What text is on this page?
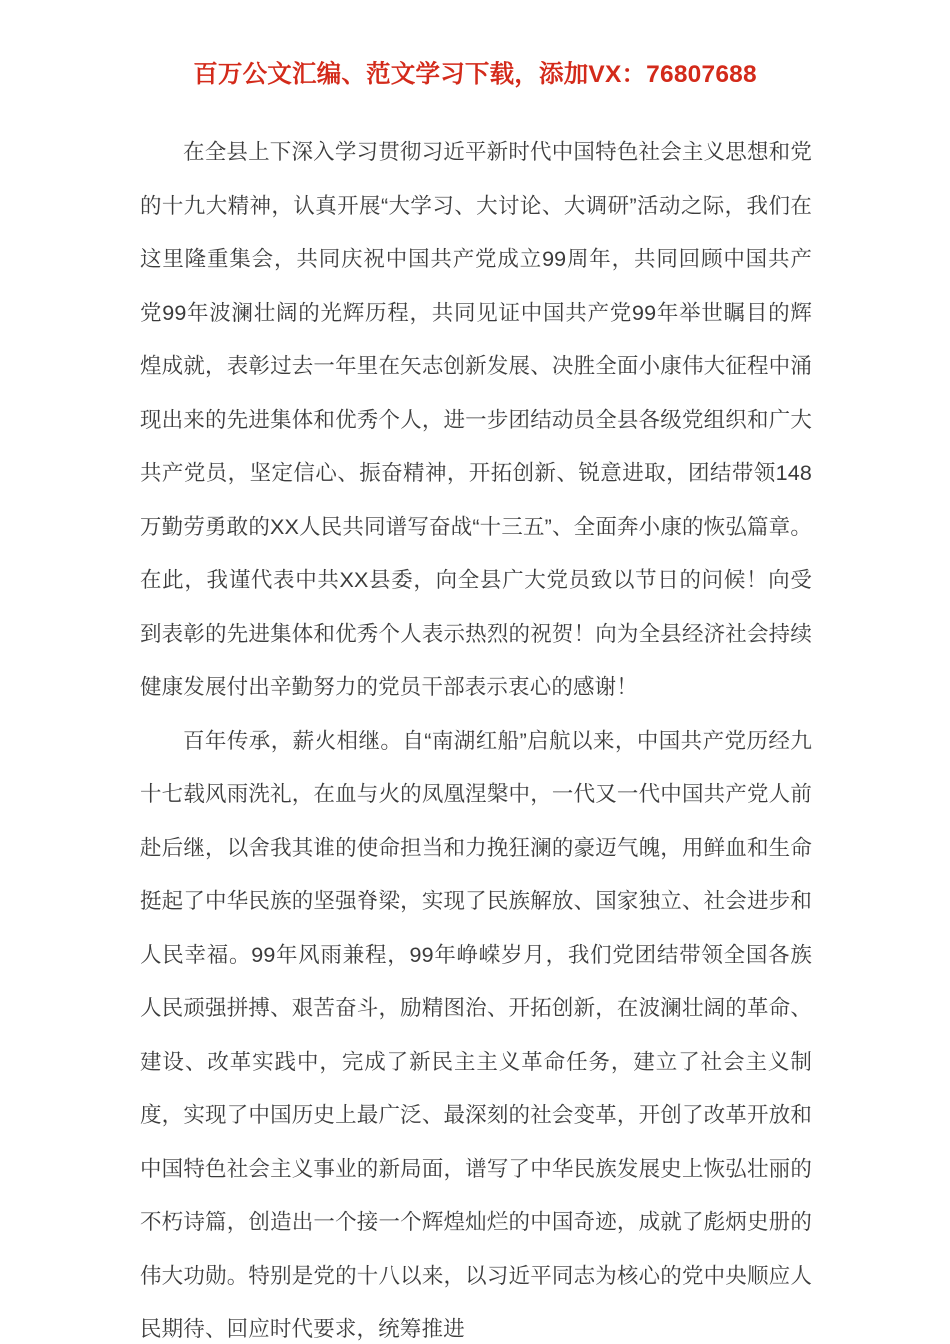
百万公文汇编、范文学习下载，添加VX：76807688

在全县上下深入学习贯彻习近平新时代中国特色社会主义思想和党的十九大精神，认真开展“大学习、大讨论、大调研”活动之际，我们在这里隆重集会，共同庆祝中国共产党成立99周年，共同回顾中国共产党99年波澜壮阔的光辉历程，共同见证中国共产党99年举世瞩目的辉煌成就，表彰过去一年里在矢志创新发展、决胜全面小康伟大征程中涌现出来的先进集体和优秀个人，进一步团结动员全县各级党组织和广大共产党员，坚定信心、振奋精神，开拓创新、锐意进取，团结带领148万勤劳勇敢的XX人民共同谱写奋战“十三五”、全面奔小康的恢弘篇章。在此，我谨代表中共XX县委，向全县广大党员致以节日的问候！向受到表彰的先进集体和优秀个人表示热烈的祝贺！向为全县经济社会持续健康发展付出辛勤努力的党员干部表示衷心的感谢！

百年传承，薪火相继。自“南湖红船”启航以来，中国共产党历经九十七载风雨洗礼，在血与火的凤凰涅槃中，一代又一代中国共产党人前赴后继，以舍我其谁的使命担当和力挽狂澜的豪迈气魄，用鲜血和生命挺起了中华民族的坚强脊梁，实现了民族解放、国家独立、社会进步和人民幸福。99年风雨兼程，99年峥嵘岁月，我们党团结带领全国各族人民顽强拼搏、艰苦奋斗，励精图治、开拓创新，在波澜壮阔的革命、建设、改革实践中，完成了新民主主义革命任务，建立了社会主义制度，实现了中国历史上最广泛、最深刻的社会变革，开创了改革开放和中国特色社会主义事业的新局面，谱写了中华民族发展史上恢弘壮丽的不朽诗篇，创造出一个接一个辉煌灿烂的中国奇迹，成就了彪炳史册的伟大功勋。特别是党的十八以来，以习近平同志为核心的党中央顺应人民期待、回应时代要求，统筹推进
